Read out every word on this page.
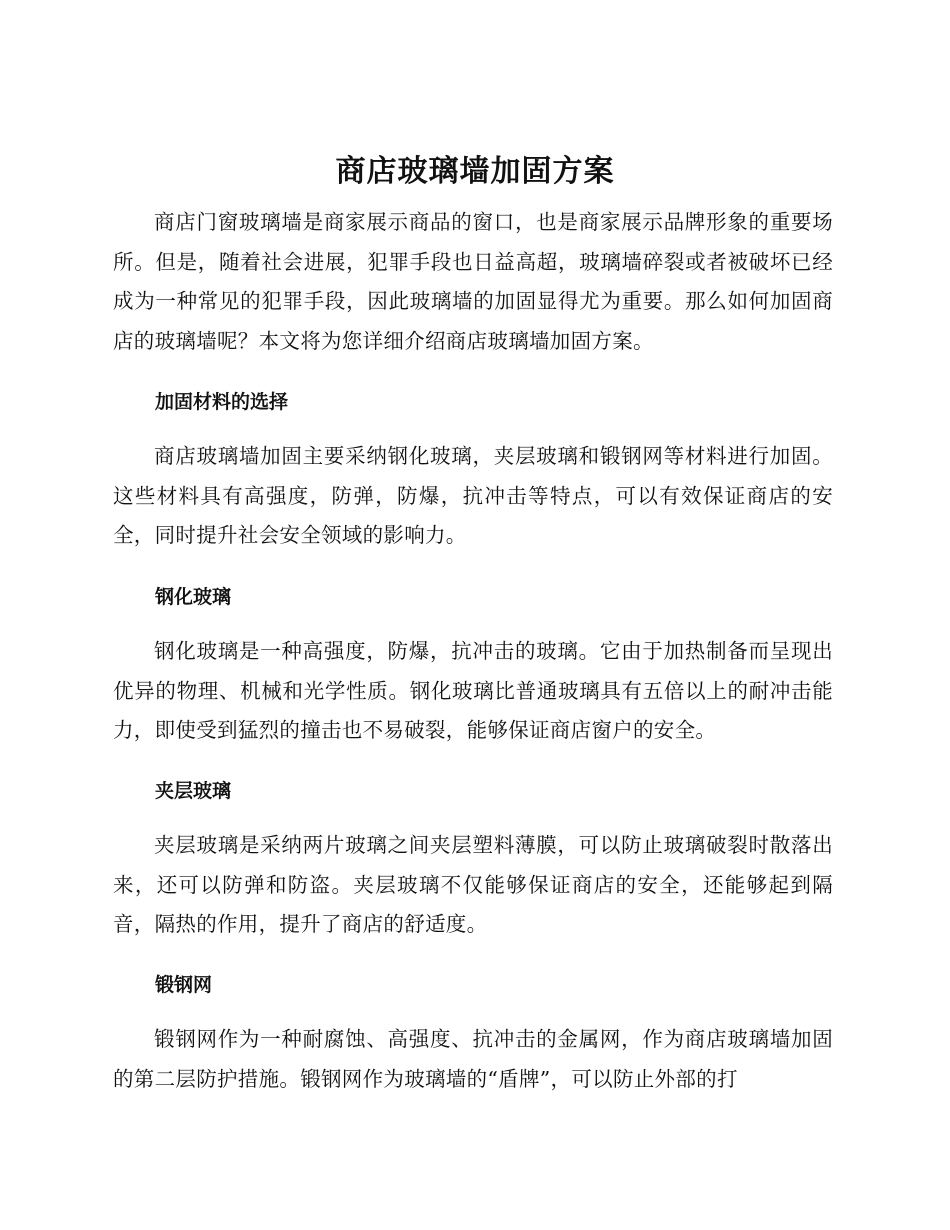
商店玻璃墙加固方案

商店门窗玻璃墙是商家展示商品的窗口，也是商家展示品牌形象的重要场所。但是，随着社会进展，犯罪手段也日益高超，玻璃墙碎裂或者被破坏已经成为一种常见的犯罪手段，因此玻璃墙的加固显得尤为重要。那么如何加固商店的玻璃墙呢？本文将为您详细介绍商店玻璃墙加固方案。

加固材料的选择

商店玻璃墙加固主要采纳钢化玻璃，夹层玻璃和锻钢网等材料进行加固。这些材料具有高强度，防弹，防爆，抗冲击等特点，可以有效保证商店的安全，同时提升社会安全领域的影响力。

钢化玻璃

钢化玻璃是一种高强度，防爆，抗冲击的玻璃。它由于加热制备而呈现出优异的物理、机械和光学性质。钢化玻璃比普通玻璃具有五倍以上的耐冲击能力，即使受到猛烈的撞击也不易破裂，能够保证商店窗户的安全。

夹层玻璃

夹层玻璃是采纳两片玻璃之间夹层塑料薄膜，可以防止玻璃破裂时散落出来，还可以防弹和防盗。夹层玻璃不仅能够保证商店的安全，还能够起到隔音，隔热的作用，提升了商店的舒适度。

锻钢网

锻钢网作为一种耐腐蚀、高强度、抗冲击的金属网，作为商店玻璃墙加固的第二层防护措施。锻钢网作为玻璃墙的“盾牌”，可以防止外部的打
